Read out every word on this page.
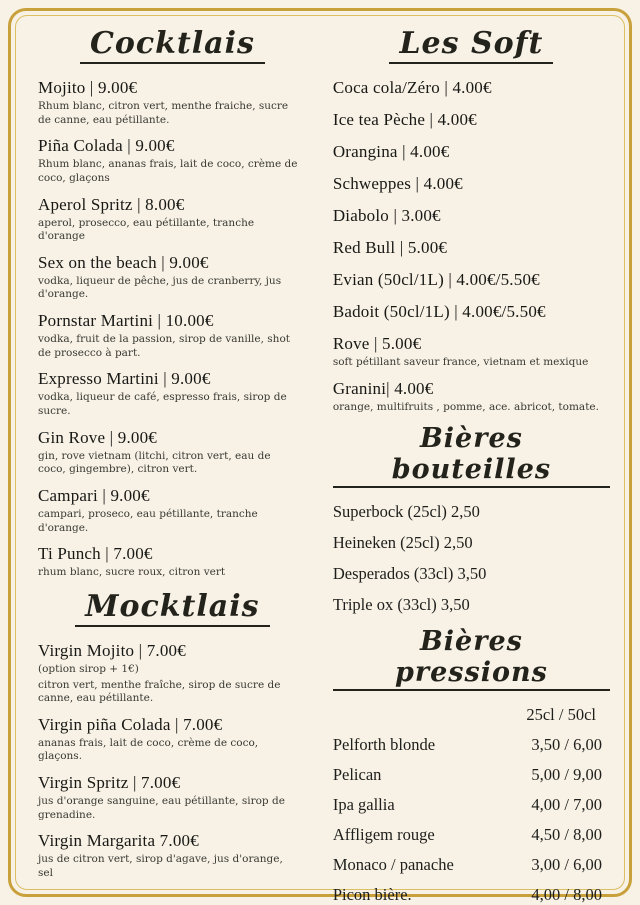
Cocktlais
Mojito | 9.00€
Rhum blanc, citron vert, menthe fraiche, sucre de canne, eau pétillante.
Piña Colada | 9.00€
Rhum blanc, ananas frais, lait de coco, crème de coco, glaçons
Aperol Spritz | 8.00€
aperol, prosecco, eau pétillante, tranche d'orange
Sex on the beach | 9.00€
vodka, liqueur de pêche, jus de cranberry, jus d'orange.
Pornstar Martini | 10.00€
vodka, fruit de la passion, sirop de vanille, shot de prosecco à part.
Expresso Martini | 9.00€
vodka, liqueur de café, espresso frais, sirop de sucre.
Gin Rove | 9.00€
gin, rove vietnam (litchi, citron vert, eau de coco, gingembre), citron vert.
Campari | 9.00€
campari, proseco, eau pétillante, tranche d'orange.
Ti Punch | 7.00€
rhum blanc, sucre roux, citron vert
Mocktlais
Virgin Mojito | 7.00€
(option sirop + 1€)
citron vert, menthe fraîche, sirop de sucre de canne, eau pétillante.
Virgin piña Colada | 7.00€
ananas frais, lait de coco, crème de coco, glaçons.
Virgin Spritz | 7.00€
jus d'orange sanguine, eau pétillante, sirop de grenadine.
Virgin Margarita 7.00€
jus de citron vert, sirop d'agave, jus d'orange, sel
Les Soft
Coca cola/Zéro | 4.00€
Ice tea Pèche | 4.00€
Orangina | 4.00€
Schweppes | 4.00€
Diabolo | 3.00€
Red Bull | 5.00€
Evian (50cl/1L) | 4.00€/5.50€
Badoit (50cl/1L) | 4.00€/5.50€
Rove | 5.00€
soft pétillant saveur france, vietnam et mexique
Granini| 4.00€
orange, multifruits , pomme, ace. abricot, tomate.
Bières bouteilles
Superbock (25cl) 2,50
Heineken (25cl) 2,50
Desperados (33cl) 3,50
Triple ox (33cl) 3,50
Bières pressions
25cl / 50cl
Pelforth blonde	3,50 / 6,00
Pelican	5,00 / 9,00
Ipa gallia	4,00 / 7,00
Affligem rouge	4,50 / 8,00
Monaco / panache	3,00 / 6,00
Picon bière.	4,00 / 8,00
